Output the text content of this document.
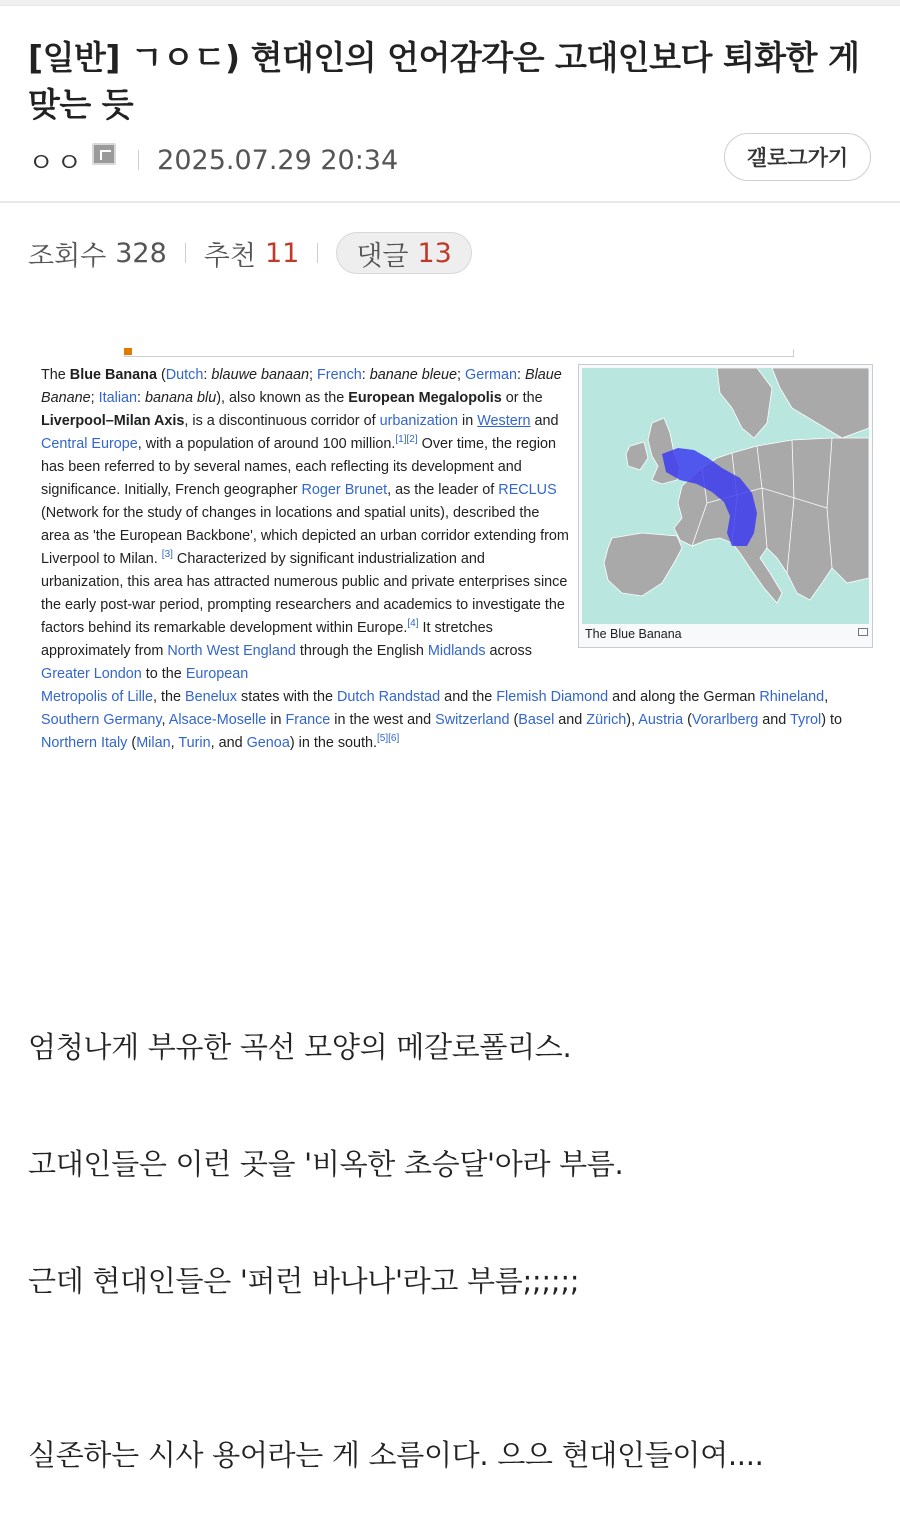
[일반] ㄱㅇㄷ) 현대인의 언어감각은 고대인보다 퇴화한 게 맞는 듯
ㅇㅇ	2025.07.29 20:34	갤로그가기
조회수 328 추천 11 댓글 13
The Blue Banana (Dutch: blauwe banaan; French: banane bleue; German: Blaue Banane; Italian: banana blu), also known as the European Megalopolis or the Liverpool–Milan Axis, is a discontinuous corridor of urbanization in Western and Central Europe, with a population of around 100 million.[1][2] Over time, the region has been referred to by several names, each reflecting its development and significance. Initially, French geographer Roger Brunet, as the leader of RECLUS (Network for the study of changes in locations and spatial units), described the area as 'the European Backbone', which depicted an urban corridor extending from Liverpool to Milan. [3] Characterized by significant industrialization and urbanization, this area has attracted numerous public and private enterprises since the early post-war period, prompting researchers and academics to investigate the factors behind its remarkable development within Europe.[4] It stretches approximately from North West England through the English Midlands across Greater London to the European
Metropolis of Lille, the Benelux states with the Dutch Randstad and the Flemish Diamond and along the German Rhineland,
Southern Germany, Alsace-Moselle in France in the west and Switzerland (Basel and Zürich), Austria (Vorarlberg and Tyrol) to
Northern Italy (Milan, Turin, and Genoa) in the south.[5][6]
The Blue Banana
엄청나게 부유한 곡선 모양의 메갈로폴리스.
고대인들은 이런 곳을 '비옥한 초승달'아라 부름.
근데 현대인들은 '퍼런 바나나'라고 부름;;;;;;
실존하는 시사 용어라는 게 소름이다. 으으 현대인들이여....
